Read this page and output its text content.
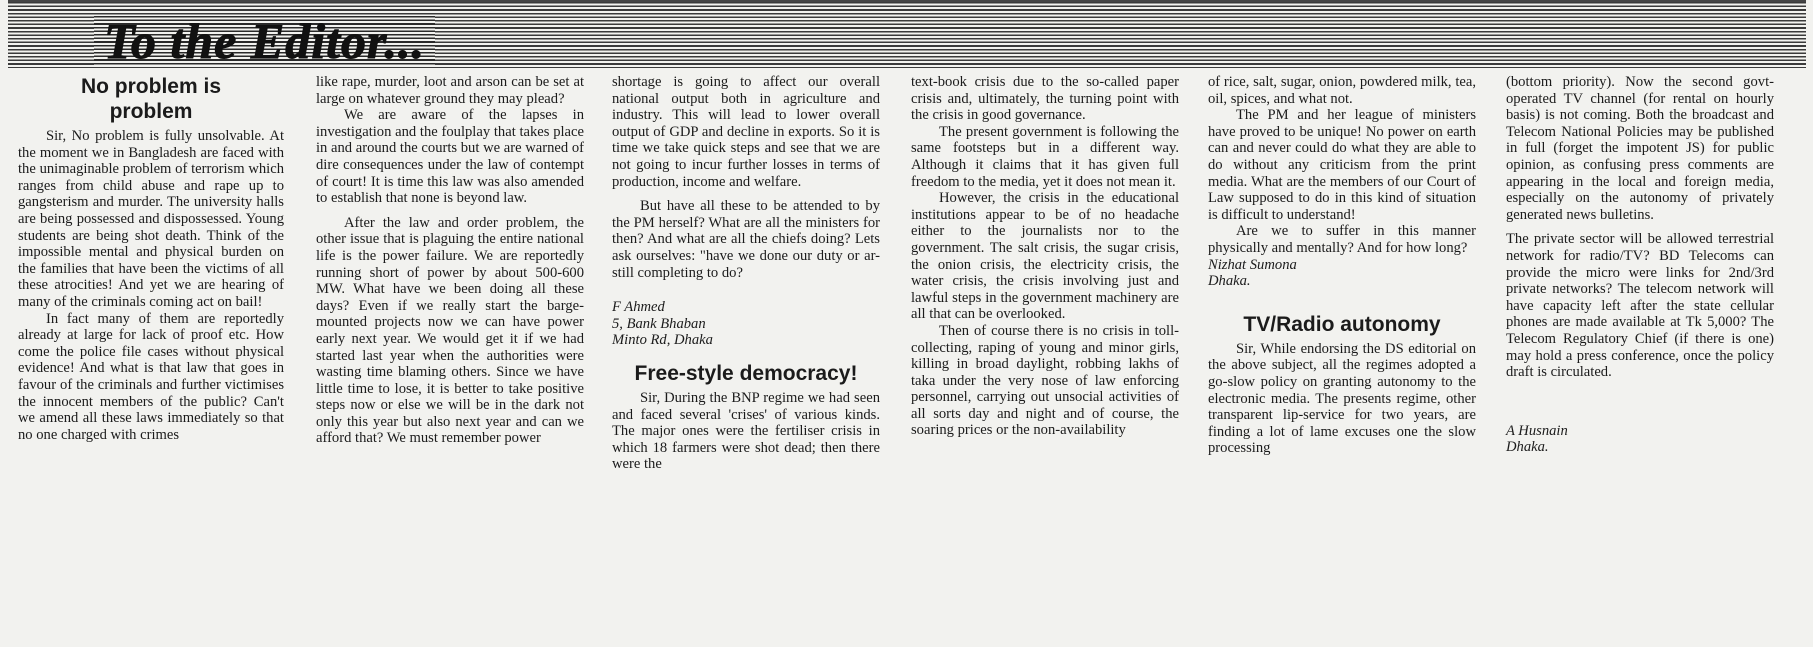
To the Editor...
No problem is problem

Sir, No problem is fully unsolvable. At the moment we in Bangladesh are faced with the unimaginable problem of terrorism which ranges from child abuse and rape up to gangsterism and murder. The university halls are being possessed and dispossessed. Young students are being shot death. Think of the impossible mental and physical burden on the families that have been the victims of all these atrocities! And yet we are hearing of many of the criminals coming act on bail!

In fact many of them are reportedly already at large for lack of proof etc. How come the police file cases without physical evidence! And what is that law that goes in favour of the criminals and further victimises the innocent members of the public? Can't we amend all these laws immediately so that no one charged with crimes

like rape, murder, loot and arson can be set at large on whatever ground they may plead?

We are aware of the lapses in investigation and the foulplay that takes place in and around the courts but we are warned of dire consequences under the law of contempt of court! It is time this law was also amended to establish that none is beyond law.

After the law and order problem, the other issue that is plaguing the entire national life is the power failure. We are reportedly running short of power by about 500-600 MW. What have we been doing all these days? Even if we really start the barge-mounted projects now we can have power early next year. We would get it if we had started last year when the authorities were wasting time blaming others. Since we have little time to lose, it is better to take positive steps now or else we will be in the dark not only this year but also next year and can we afford that? We must remember power

shortage is going to affect our overall national output both in agriculture and industry. This will lead to lower overall output of GDP and decline in exports. So it is time we take quick steps and see that we are not going to incur further losses in terms of production, income and welfare.

But have all these to be attended to by the PM herself? What are all the ministers for then? And what are all the chiefs doing? Lets ask ourselves: "have we done our duty or ar- still completing to do?

F Ahmed

5, Bank Bhaban

Minto Rd, Dhaka

Free-style democracy!

Sir, During the BNP regime we had seen and faced several 'crises' of various kinds. The major ones were the fertiliser crisis in which 18 farmers were shot dead; then there were the

text-book crisis due to the so-called paper crisis and, ultimately, the turning point with the crisis in good governance.

The present government is following the same footsteps but in a different way. Although it claims that it has given full freedom to the media, yet it does not mean it.

However, the crisis in the educational institutions appear to be of no headache either to the journalists nor to the government. The salt crisis, the sugar crisis, the onion crisis, the electricity crisis, the water crisis, the crisis involving just and lawful steps in the government machinery are all that can be overlooked.

Then of course there is no crisis in toll-collecting, raping of young and minor girls, killing in broad daylight, robbing lakhs of taka under the very nose of law enforcing personnel, carrying out unsocial activities of all sorts day and night and of course, the soaring prices or the non-availability

of rice, salt, sugar, onion, powdered milk, tea, oil, spices, and what not.

The PM and her league of ministers have proved to be unique! No power on earth can and never could do what they are able to do without any criticism from the print media. What are the members of our Court of Law supposed to do in this kind of situation is difficult to understand!

Are we to suffer in this manner physically and mentally? And for how long?

Nizhat Sumona

Dhaka.

TV/Radio autonomy

Sir, While endorsing the DS editorial on the above subject, all the regimes adopted a go-slow policy on granting autonomy to the electronic media. The presents regime, other transparent lip-service for two years, are finding a lot of lame excuses one the slow processing

(bottom priority). Now the second govt-operated TV channel (for rental on hourly basis) is not coming. Both the broadcast and Telecom National Policies may be published in full (forget the impotent JS) for public opinion, as confusing press comments are appearing in the local and foreign media, especially on the autonomy of privately generated news bulletins.

The private sector will be allowed terrestrial network for radio/TV? BD Telecoms can provide the micro were links for 2nd/3rd private networks? The telecom network will have capacity left after the state cellular phones are made available at Tk 5,000? The Telecom Regulatory Chief (if there is one) may hold a press conference, once the policy draft is circulated.

A Husnain

Dhaka.
